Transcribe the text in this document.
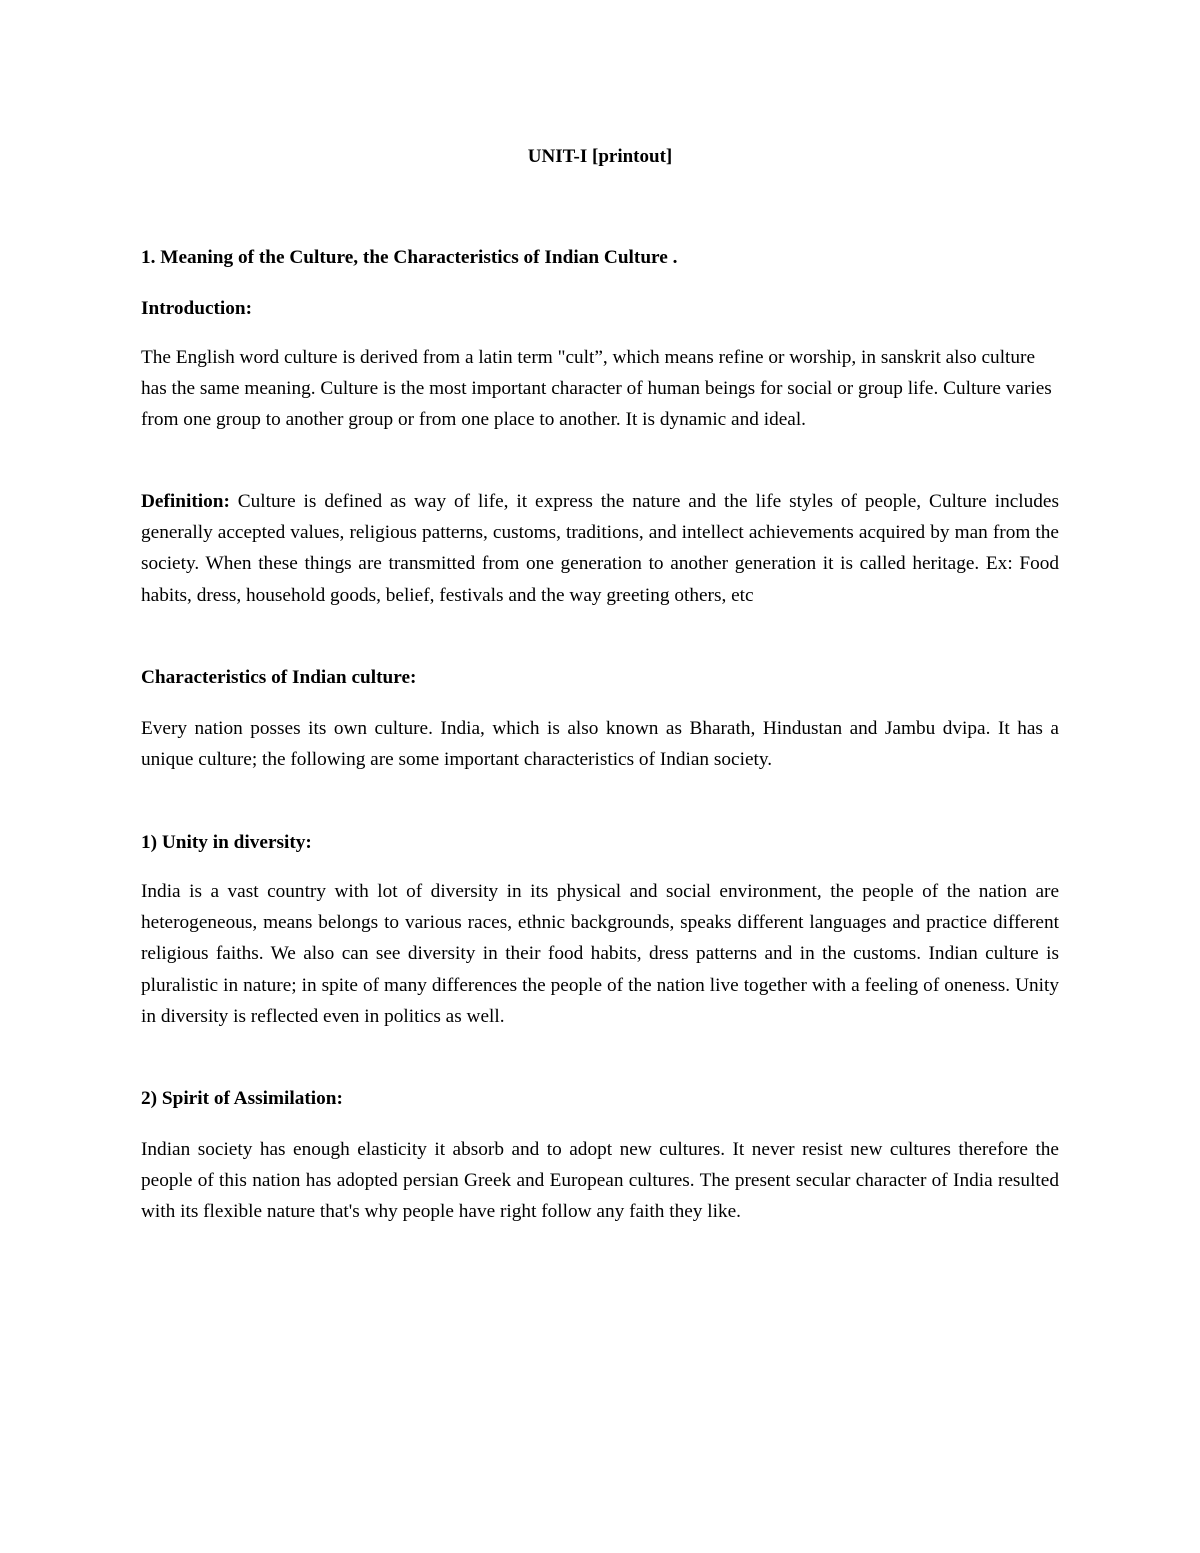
UNIT-I [printout]
1. Meaning of the Culture, the Characteristics of Indian Culture .
Introduction:
The English word culture is derived from a latin term "cult”, which means refine or worship, in sanskrit also culture has the same meaning. Culture is the most important character of human beings for social or group life. Culture varies from one group to another group or from one place to another. It is dynamic and ideal.
Definition: Culture is defined as way of life, it express the nature and the life styles of people, Culture includes generally accepted values, religious patterns, customs, traditions, and intellect achievements acquired by man from the society. When these things are transmitted from one generation to another generation it is called heritage. Ex: Food habits, dress, household goods, belief, festivals and the way greeting others, etc
Characteristics of Indian culture:
Every nation posses its own culture. India, which is also known as Bharath, Hindustan and Jambu dvipa. It has a unique culture; the following are some important characteristics of Indian society.
1) Unity in diversity:
India is a vast country with lot of diversity in its physical and social environment, the people of the nation are heterogeneous, means belongs to various races, ethnic backgrounds, speaks different languages and practice different religious faiths. We also can see diversity in their food habits, dress patterns and in the customs. Indian culture is pluralistic in nature; in spite of many differences the people of the nation live together with a feeling of oneness. Unity in diversity is reflected even in politics as well.
2) Spirit of Assimilation:
Indian society has enough elasticity it absorb and to adopt new cultures. It never resist new cultures therefore the people of this nation has adopted persian Greek and European cultures. The present secular character of India resulted with its flexible nature that's why people have right follow any faith they like.
